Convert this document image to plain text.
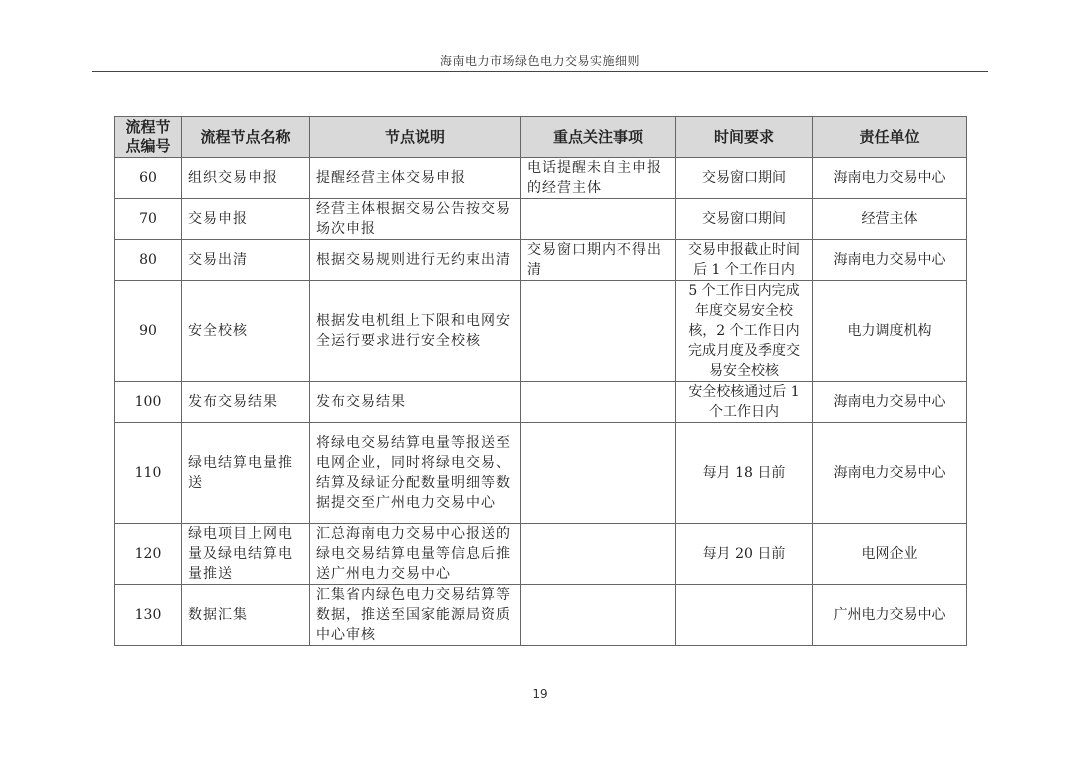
海南电力市场绿色电力交易实施细则
流程节点编号	流程节点名称	节点说明	重点关注事项	时间要求	责任单位
60	组织交易申报	提醒经营主体交易申报	电话提醒未自主申报的经营主体	交易窗口期间	海南电力交易中心
70	交易申报	经营主体根据交易公告按交易场次申报		交易窗口期间	经营主体
80	交易出清	根据交易规则进行无约束出清	交易窗口期内不得出清	交易申报截止时间后 1 个工作日内	海南电力交易中心
90	安全校核	根据发电机组上下限和电网安全运行要求进行安全校核		5 个工作日内完成年度交易安全校核，2 个工作日内完成月度及季度交易安全校核	电力调度机构
100	发布交易结果	发布交易结果		安全校核通过后 1 个工作日内	海南电力交易中心
110	绿电结算电量推送	将绿电交易结算电量等报送至电网企业，同时将绿电交易、结算及绿证分配数量明细等数据提交至广州电力交易中心		每月 18 日前	海南电力交易中心
120	绿电项目上网电量及绿电结算电量推送	汇总海南电力交易中心报送的绿电交易结算电量等信息后推送广州电力交易中心		每月 20 日前	电网企业
130	数据汇集	汇集省内绿色电力交易结算等数据，推送至国家能源局资质中心审核			广州电力交易中心
19
